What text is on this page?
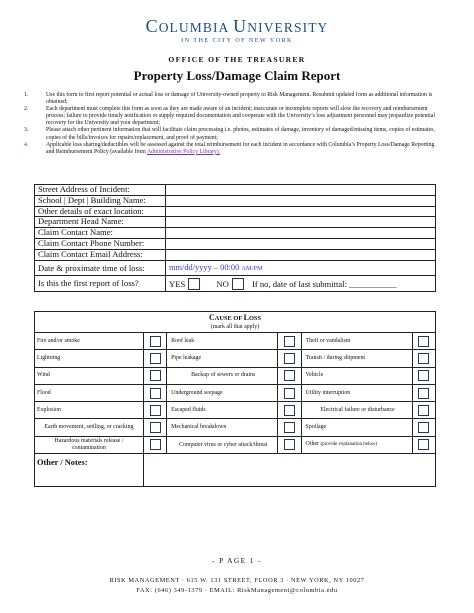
COLUMBIA UNIVERSITY
IN THE CITY OF NEW YORK
OFFICE OF THE TREASURER
Property Loss/Damage Claim Report
1.	Use this form to first report potential or actual loss or damage of University-owned property to Risk Management. Resubmit updated form as additional information is obtained;
2.	Each department must complete this form as soon as they are made aware of an incident; inaccurate or incomplete reports will slow the recovery and reimbursement process; failure to provide timely notification or supply required documentation and cooperate with the University’s loss adjustment personnel may jeopardize potential recovery for the University and your department;
3.	Please attach other pertinent information that will facilitate claim processing i.e. photos, estimates of damage, inventory of damaged/missing items, copies of estimates, copies of the bills/invoices for repairs/replacement, and proof of payment;
4.	Applicable loss sharing/deductibles will be assessed against the total reimbursement for each incident in accordance with Columbia’s Property Loss/Damage Reporting and Reimbursement Policy (available from Administrative Policy Library).
Street Address of Incident:	
School | Dept | Building Name:	
Other details of exact location:	
Department Head Name:	
Claim Contact Name:	
Claim Contact Phone Number:	
Claim Contact Email Address:	
Date & proximate time of loss:	mm/dd/yyyy – 00:00 AM/PM
Is this the first report of loss?	YES NO If no, date of last submittal: ___________
CAUSE OF LOSS
(mark all that apply)					
Fire and/or smoke		Roof leak		Theft or vandalism	
Lightning		Pipe leakage		Transit / during shipment	
Wind		Backup of sewers or drains		Vehicle	
Flood		Underground seepage		Utility interruption	
Explosion		Escaped fluids		Electrical failure or disturbance	
Earth movement, settling, or cracking		Mechanical breakdown		Spoilage	
Hazardous materials release / contamination		Computer virus or cyber attack/threat		Other (provide explanation below)	
Other / Notes:					
- P AGE 1 -
RISK MANAGEMENT · 615 W. 131 STREET, FLOOR 3 · NEW YORK, NY 10027
FAX: (646) 349-1379 · EMAIL: RiskManagement@columbia.edu
